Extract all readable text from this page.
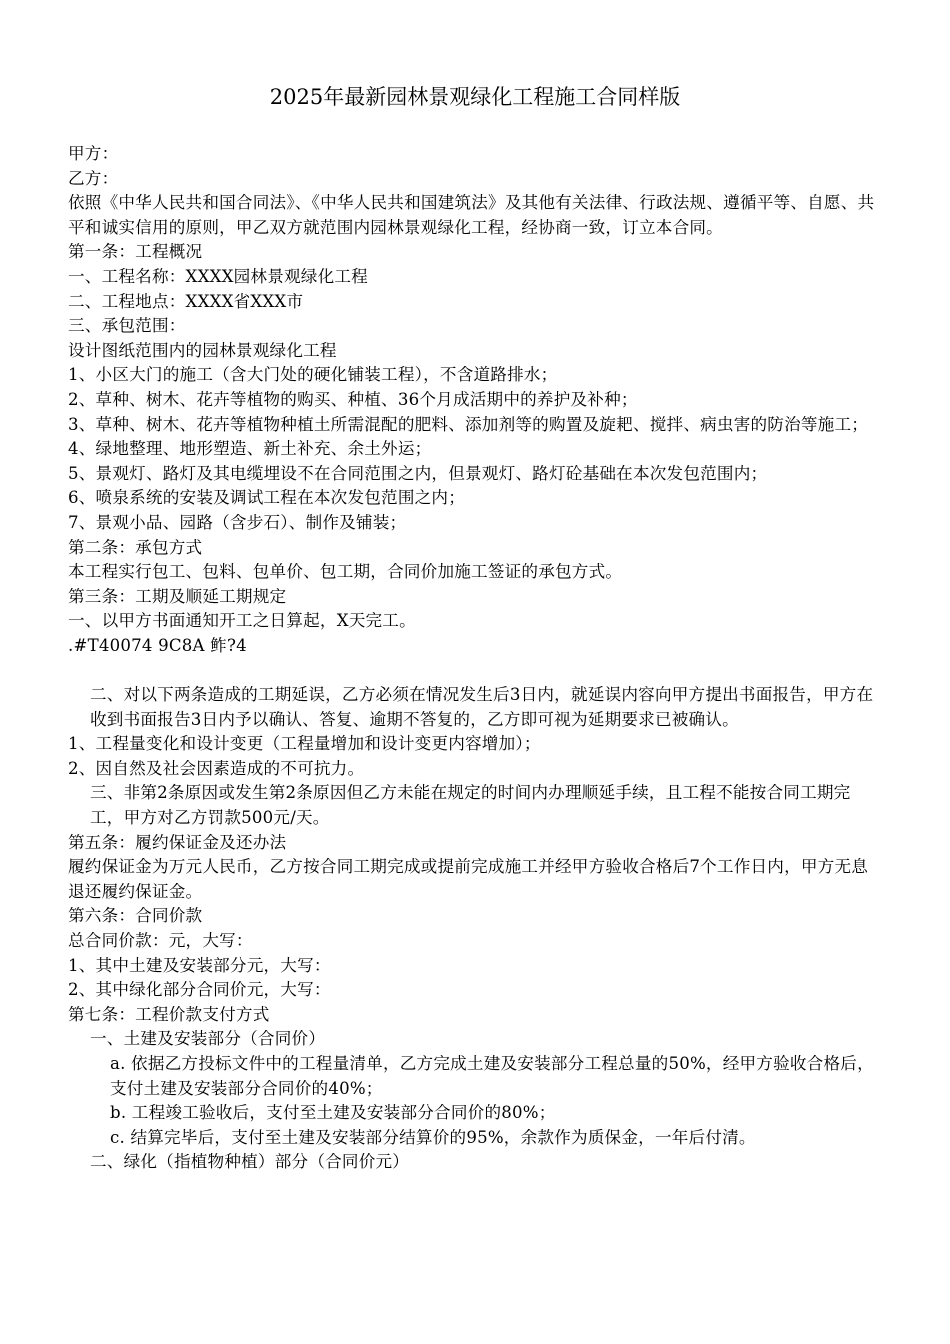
2025年最新园林景观绿化工程施工合同样版

甲方：

乙方：

依照《中华人民共和国合同法》、《中华人民共和国建筑法》及其他有关法律、行政法规、遵循平等、自愿、共平和诚实信用的原则，甲乙双方就范围内园林景观绿化工程，经协商一致，订立本合同。

第一条：工程概况

一、工程名称：XXXX园林景观绿化工程

二、工程地点：XXXX省XXX市

三、承包范围：

设计图纸范围内的园林景观绿化工程

1、小区大门的施工（含大门处的硬化铺装工程），不含道路排水；

2、草种、树木、花卉等植物的购买、种植、36个月成活期中的养护及补种；

3、草种、树木、花卉等植物种植土所需混配的肥料、添加剂等的购置及旋耙、搅拌、病虫害的防治等施工；

4、绿地整理、地形塑造、新土补充、余土外运；

5、景观灯、路灯及其电缆埋设不在合同范围之内，但景观灯、路灯砼基础在本次发包范围内；

6、喷泉系统的安装及调试工程在本次发包范围之内；

7、景观小品、园路（含步石）、制作及铺装；

第二条：承包方式

本工程实行包工、包料、包单价、包工期，合同价加施工签证的承包方式。

第三条：工期及顺延工期规定

一、以甲方书面通知开工之日算起，X天完工。

.#T40074 9C8A 鲊?4

二、对以下两条造成的工期延误，乙方必须在情况发生后3日内，就延误内容向甲方提出书面报告，甲方在收到书面报告3日内予以确认、答复、逾期不答复的，乙方即可视为延期要求已被确认。

1、工程量变化和设计变更（工程量增加和设计变更内容增加）；

2、因自然及社会因素造成的不可抗力。

三、非第2条原因或发生第2条原因但乙方未能在规定的时间内办理顺延手续，且工程不能按合同工期完工，甲方对乙方罚款500元/天。

第五条：履约保证金及还办法

履约保证金为万元人民币，乙方按合同工期完成或提前完成施工并经甲方验收合格后7个工作日内，甲方无息退还履约保证金。

第六条：合同价款

总合同价款：元，大写：

1、其中土建及安装部分元，大写：

2、其中绿化部分合同价元，大写：

第七条：工程价款支付方式

一、土建及安装部分（合同价）

a. 依据乙方投标文件中的工程量清单，乙方完成土建及安装部分工程总量的50%，经甲方验收合格后，支付土建及安装部分合同价的40%；

b. 工程竣工验收后，支付至土建及安装部分合同价的80%；

c. 结算完毕后，支付至土建及安装部分结算价的95%，余款作为质保金，一年后付清。

二、绿化（指植物种植）部分（合同价元）
